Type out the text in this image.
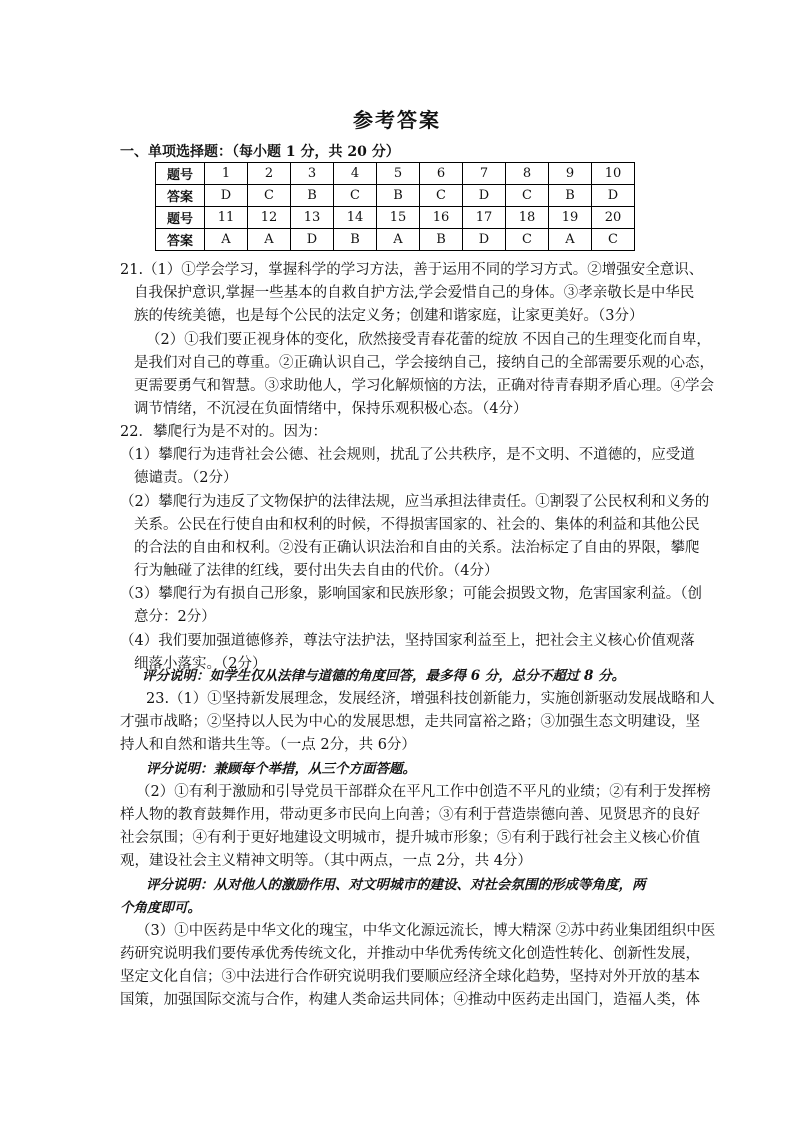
参考答案
一、单项选择题：（每小题 1 分，共 20 分）
题号	1	2	3	4	5	6	7	8	9	10
答案	D	C	B	C	B	C	D	C	B	D
题号	11	12	13	14	15	16	17	18	19	20
答案	A	A	D	B	A	B	D	C	A	C
21.（1）①学会学习，掌握科学的学习方法，善于运用不同的学习方式。②增强安全意识、
自我保护意识,掌握一些基本的自救自护方法,学会爱惜自己的身体。③孝亲敬长是中华民
族的传统美德，也是每个公民的法定义务；创建和谐家庭，让家更美好。（3分）
（2）①我们要正视身体的变化，欣然接受青春花蕾的绽放 不因自己的生理变化而自卑，
是我们对自己的尊重。②正确认识自己，学会接纳自己，接纳自己的全部需要乐观的心态，
更需要勇气和智慧。③求助他人，学习化解烦恼的方法，正确对待青春期矛盾心理。④学会
调节情绪，不沉浸在负面情绪中，保持乐观积极心态。（4分）
22．攀爬行为是不对的。因为：
（1）攀爬行为违背社会公德、社会规则，扰乱了公共秩序，是不文明、不道德的，应受道
德谴责。（2分）
（2）攀爬行为违反了文物保护的法律法规，应当承担法律责任。①割裂了公民权利和义务的
关系。公民在行使自由和权利的时候，不得损害国家的、社会的、集体的利益和其他公民
的合法的自由和权利。②没有正确认识法治和自由的关系。法治标定了自由的界限，攀爬
行为触碰了法律的红线，要付出失去自由的代价。（4分）
（3）攀爬行为有损自己形象，影响国家和民族形象；可能会损毁文物，危害国家利益。（创
意分：2分）
（4）我们要加强道德修养，尊法守法护法，坚持国家利益至上，把社会主义核心价值观落
细落小落实。（2分）
评分说明：如学生仅从法律与道德的角度回答，最多得 6 分，总分不超过 8 分。
23.（1）①坚持新发展理念，发展经济，增强科技创新能力，实施创新驱动发展战略和人
才强市战略；②坚持以人民为中心的发展思想，走共同富裕之路；③加强生态文明建设，坚
持人和自然和谐共生等。（一点 2分，共 6分）
评分说明：兼顾每个举措，从三个方面答题。
（2）①有利于激励和引导党员干部群众在平凡工作中创造不平凡的业绩；②有利于发挥榜
样人物的教育鼓舞作用，带动更多市民向上向善；③有利于营造崇德向善、见贤思齐的良好
社会氛围；④有利于更好地建设文明城市，提升城市形象；⑤有利于践行社会主义核心价值
观，建设社会主义精神文明等。（其中两点，一点 2分，共 4分）
评分说明：从对他人的激励作用、对文明城市的建设、对社会氛围的形成等角度，两
个角度即可。
（3）①中医药是中华文化的瑰宝，中华文化源远流长，博大精深 ②苏中药业集团组织中医
药研究说明我们要传承优秀传统文化，并推动中华优秀传统文化创造性转化、创新性发展，
坚定文化自信；③中法进行合作研究说明我们要顺应经济全球化趋势，坚持对外开放的基本
国策，加强国际交流与合作，构建人类命运共同体；④推动中医药走出国门，造福人类，体
